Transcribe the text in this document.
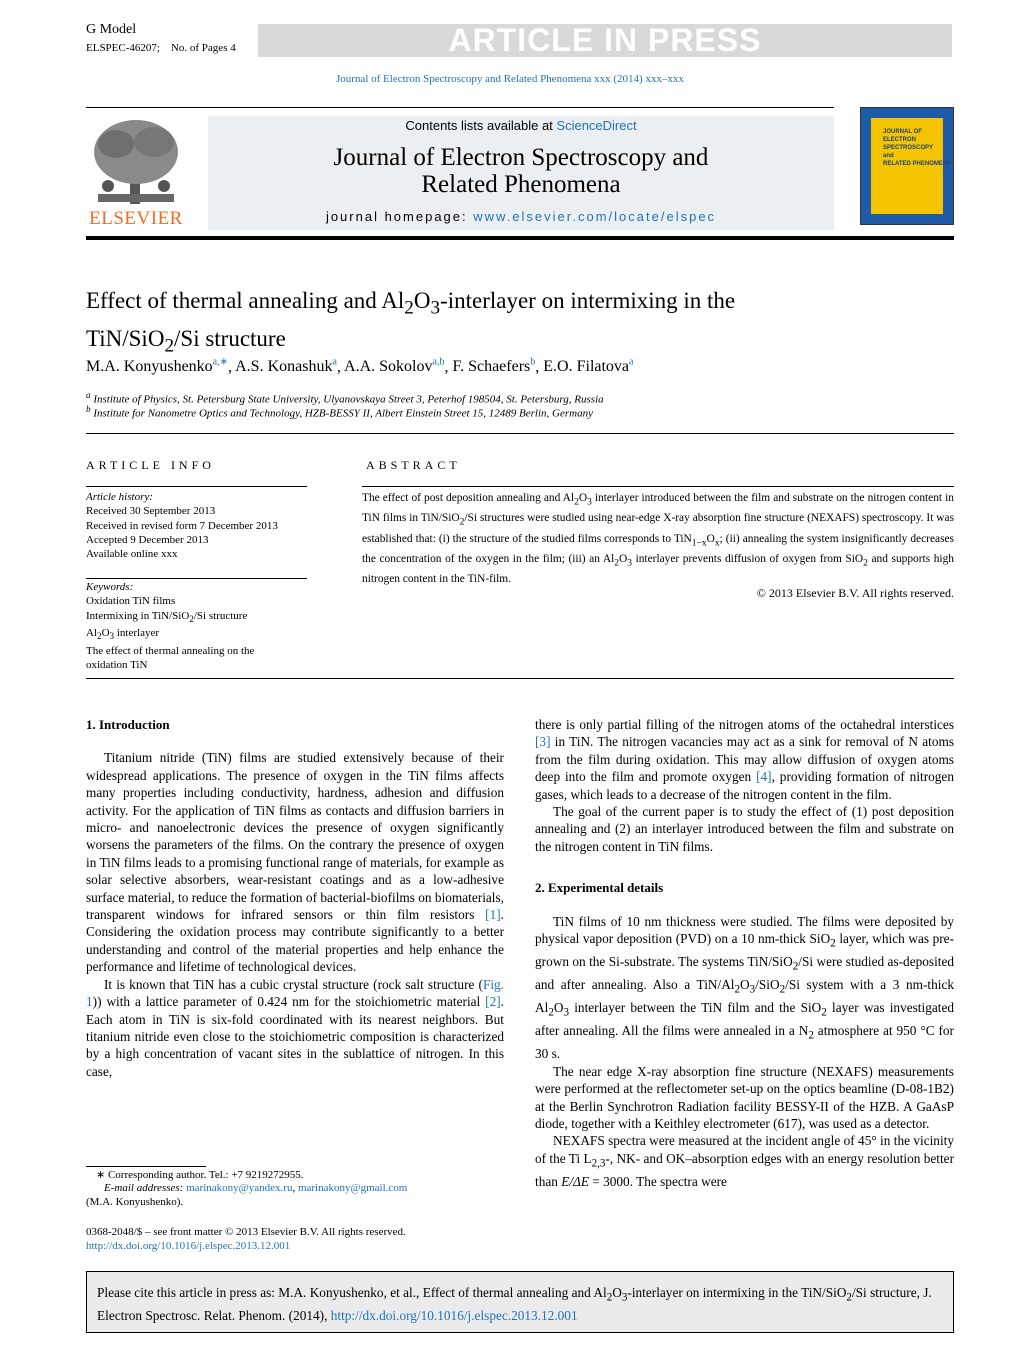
G Model
ELSPEC-46207;    No. of Pages 4	ARTICLE IN PRESS
Journal of Electron Spectroscopy and Related Phenomena xxx (2014) xxx–xxx
ELSEVIER
Contents lists available at ScienceDirect
Journal of Electron Spectroscopy and
Related Phenomena
journal homepage: www.elsevier.com/locate/elspec
JOURNAL OF
ELECTRON
SPECTROSCOPY
and
RELATED PHENOMENA
Effect of thermal annealing and $Al_2O_3$-interlayer on intermixing in the
TiN/SiO$_2$/Si structure
M.A. Konyushenko$^{a,∗}$, A.S. Konashuk$^a$, A.A. Sokolov$^{a,b}$, F. Schaefers$^b$, E.O. Filatova$^a$
$^a$ Institute of Physics, St. Petersburg State University, Ulyanovskaya Street 3, Peterhof 198504, St. Petersburg, Russia
$^b$ Institute for Nanometre Optics and Technology, HZB-BESSY II, Albert Einstein Street 15, 12489 Berlin, Germany
ARTICLE INFO
Article history:
Received 30 September 2013
Received in revised form 7 December 2013
Accepted 9 December 2013
Available online xxx
Keywords:
Oxidation TiN films
Intermixing in TiN/SiO$_2$/Si structure
$Al_2O_3$ interlayer
The effect of thermal annealing on the
oxidation TiN
ABSTRACT
The effect of post deposition annealing and $Al_2O_3$ interlayer introduced between the film and substrate on the nitrogen content in TiN films in TiN/SiO$_2$/Si structures were studied using near-edge X-ray absorption fine structure (NEXAFS) spectroscopy. It was established that: (i) the structure of the studied films corresponds to $TiN_{1-x}O_x$; (ii) annealing the system insignificantly decreases the concentration of the oxygen in the film; (iii) an $Al_2O_3$ interlayer prevents diffusion of oxygen from SiO$_2$ and supports high nitrogen content in the TiN-film.
© 2013 Elsevier B.V. All rights reserved.
1. Introduction

Titanium nitride (TiN) films are studied extensively because of their widespread applications. The presence of oxygen in the TiN films affects many properties including conductivity, hardness, adhesion and diffusion activity. For the application of TiN films as contacts and diffusion barriers in micro- and nanoelectronic devices the presence of oxygen significantly worsens the parameters of the films. On the contrary the presence of oxygen in TiN films leads to a promising functional range of materials, for example as solar selective absorbers, wear-resistant coatings and as a low-adhesive surface material, to reduce the formation of bacterial-biofilms on biomaterials, transparent windows for infrared sensors or thin film resistors [1]. Considering the oxidation process may contribute significantly to a better understanding and control of the material properties and help enhance the performance and lifetime of technological devices.

It is known that TiN has a cubic crystal structure (rock salt structure (Fig. 1)) with a lattice parameter of 0.424 nm for the stoichiometric material [2]. Each atom in TiN is six-fold coordinated with its nearest neighbors. But titanium nitride even close to the stoichiometric composition is characterized by a high concentration of vacant sites in the sublattice of nitrogen. In this case,

there is only partial filling of the nitrogen atoms of the octahedral interstices [3] in TiN. The nitrogen vacancies may act as a sink for removal of N atoms from the film during oxidation. This may allow diffusion of oxygen atoms deep into the film and promote oxygen [4], providing formation of nitrogen gases, which leads to a decrease of the nitrogen content in the film.

The goal of the current paper is to study the effect of (1) post deposition annealing and (2) an interlayer introduced between the film and substrate on the nitrogen content in TiN films.

2. Experimental details

TiN films of 10 nm thickness were studied. The films were deposited by physical vapor deposition (PVD) on a 10 nm-thick SiO$_2$ layer, which was pre-grown on the Si-substrate. The systems TiN/SiO$_2$/Si were studied as-deposited and after annealing. Also a TiN/$Al_2O_3/SiO_2/Si$ system with a 3 nm-thick $Al_2O_3$ interlayer between the TiN film and the SiO$_2$ layer was investigated after annealing. All the films were annealed in a $N_2$ atmosphere at 950 °C for 30 s.

The near edge X-ray absorption fine structure (NEXAFS) measurements were performed at the reflectometer set-up on the optics beamline (D-08-1B2) at the Berlin Synchrotron Radiation facility BESSY-II of the HZB. A GaAsP diode, together with a Keithley electrometer (617), was used as a detector.

NEXAFS spectra were measured at the incident angle of 45° in the vicinity of the Ti $L_{2,3}-$, NK- and OK–absorption edges with an energy resolution better than E/ΔE = 3000. The spectra were

∗ Corresponding author. Tel.: +7 9219272955.
E-mail addresses: marinakony@yandex.ru, marinakony@gmail.com
(M.A. Konyushenko).
0368-2048/$ – see front matter © 2013 Elsevier B.V. All rights reserved.
http://dx.doi.org/10.1016/j.elspec.2013.12.001
Please cite this article in press as: M.A. Konyushenko, et al., Effect of thermal annealing and $Al_2O_3$-interlayer on intermixing in the TiN/SiO$_2$/Si structure, J. Electron Spectrosc. Relat. Phenom. (2014), http://dx.doi.org/10.1016/j.elspec.2013.12.001
